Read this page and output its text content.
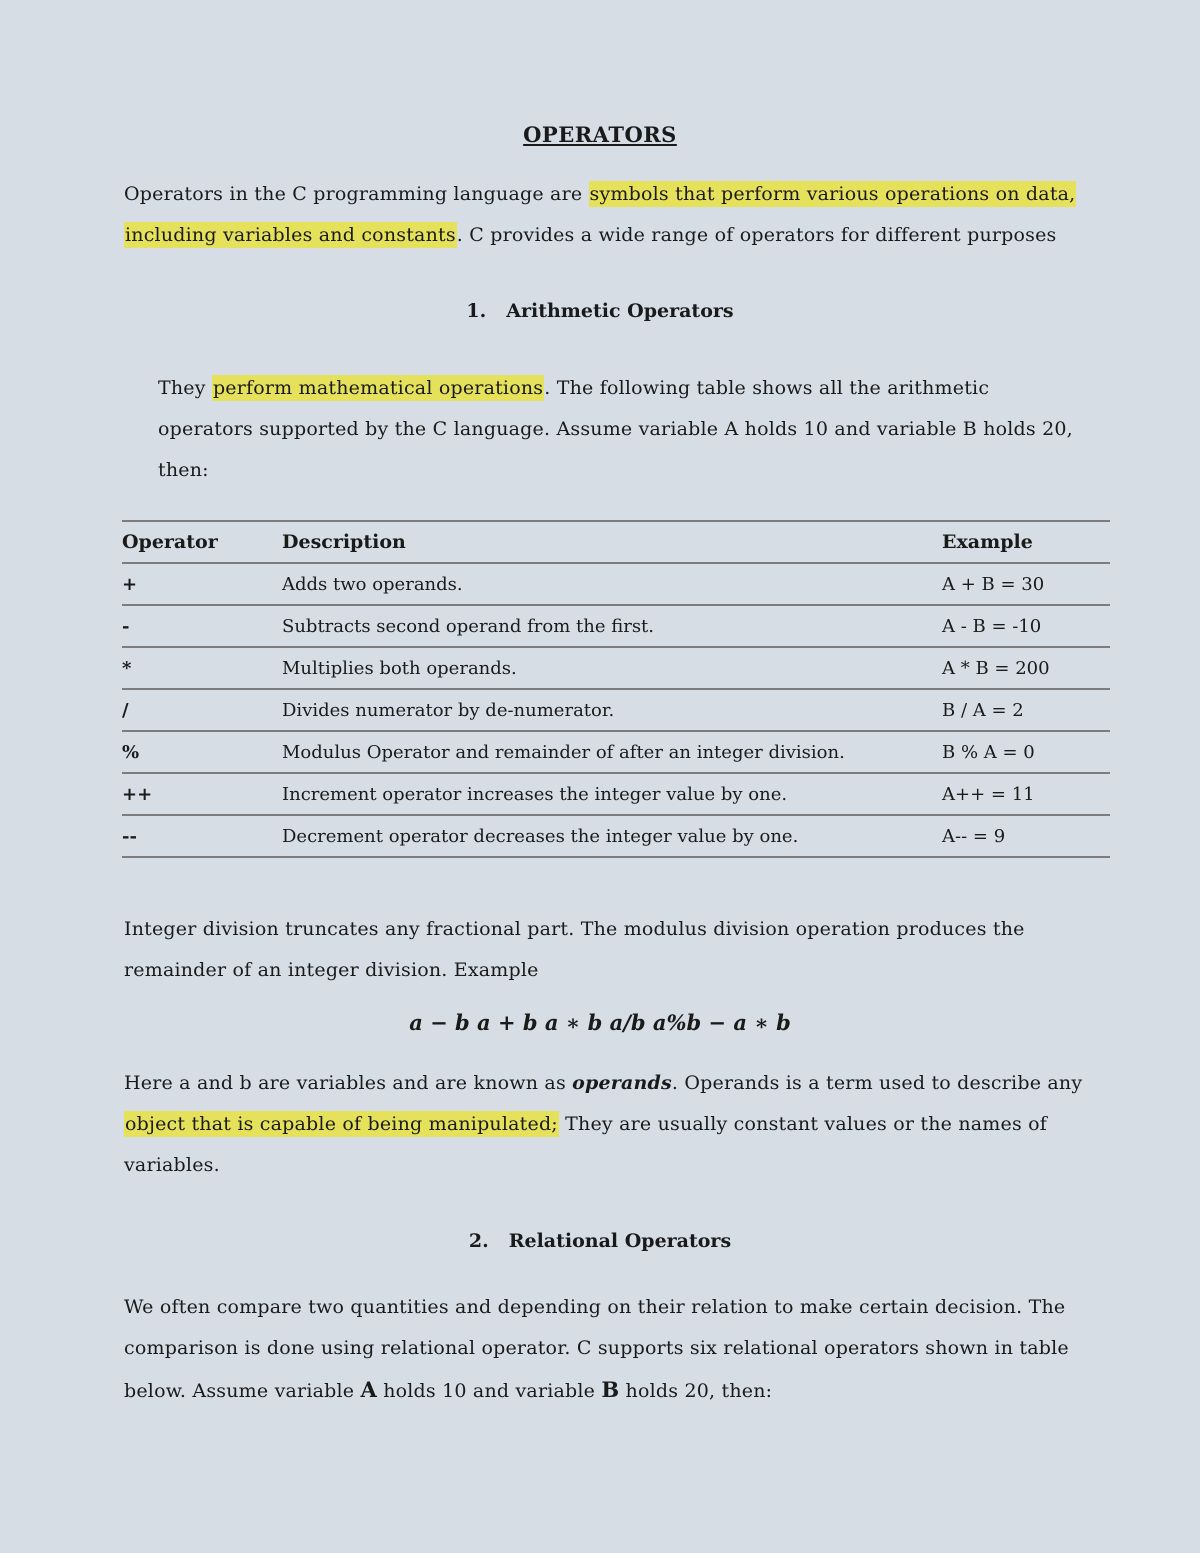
OPERATORS
Operators in the C programming language are symbols that perform various operations on data,
including variables and constants. C provides a wide range of operators for different purposes
1. Arithmetic Operators
They perform mathematical operations. The following table shows all the arithmetic
operators supported by the C language. Assume variable A holds 10 and variable B holds 20,
then:
Operator	Description	Example
+	Adds two operands.	A + B = 30
-	Subtracts second operand from the first.	A - B = -10
*	Multiplies both operands.	A * B = 200
/	Divides numerator by de-numerator.	B / A = 2
%	Modulus Operator and remainder of after an integer division.	B % A = 0
++	Increment operator increases the integer value by one.	A++ = 11
--	Decrement operator decreases the integer value by one.	A-- = 9
Integer division truncates any fractional part. The modulus division operation produces the
remainder of an integer division. Example
a − b a + b a ∗ b a/b a%b − a ∗ b
Here a and b are variables and are known as operands. Operands is a term used to describe any
object that is capable of being manipulated; They are usually constant values or the names of
variables.
2. Relational Operators
We often compare two quantities and depending on their relation to make certain decision. The
comparison is done using relational operator. C supports six relational operators shown in table
below. Assume variable A holds 10 and variable B holds 20, then:
